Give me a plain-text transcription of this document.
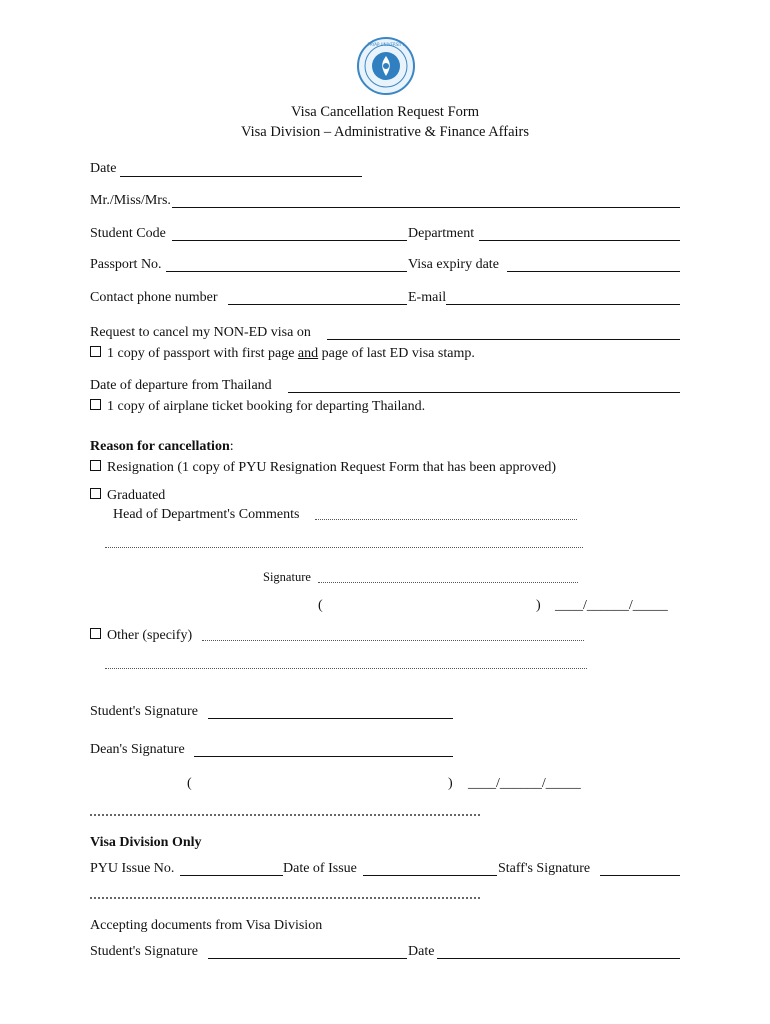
PAYAP UNIVERSITY
Visa Cancellation Request Form
Visa Division – Administrative & Finance Affairs
Date
Mr./Miss/Mrs.
Student Code	Department
Passport No.	Visa expiry date
Contact phone number	E-mail
Request to cancel my NON-ED visa on
1 copy of passport with first page and page of last ED visa stamp.
Date of departure from Thailand
1 copy of airplane ticket booking for departing Thailand.
Reason for cancellation:
Resignation (1 copy of PYU Resignation Request Form that has been approved)
Graduated
Head of Department's Comments
Signature
(	) ____/______/_____
Other (specify)
Student's Signature
Dean's Signature
(	) ____/______/_____
Visa Division Only
PYU Issue No.	Date of Issue	Staff's Signature
Accepting documents from Visa Division
Student's Signature	Date
